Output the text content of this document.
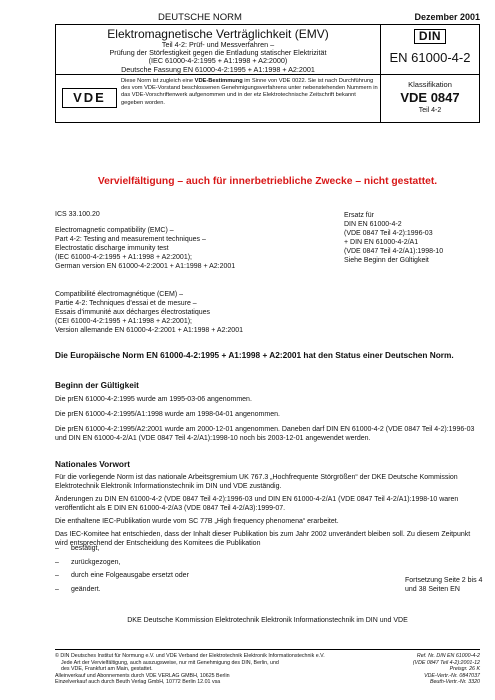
DEUTSCHE NORM	Dezember 2001
Elektromagnetische Verträglichkeit (EMV)
Teil 4-2: Prüf- und Messverfahren –
Prüfung der Störfestigkeit gegen die Entladung statischer Elektrizität
(IEC 61000-4-2:1995 + A1:1998 + A2:2000)
Deutsche Fassung EN 61000-4-2:1995 + A1:1998 + A2:2001
DIN
EN 61000-4-2
VDE
Diese Norm ist zugleich eine VDE-Bestimmung im Sinne von VDE 0022. Sie ist nach Durchführung des vom VDE-Vorstand beschlossenen Genehmigungsverfahrens unter nebenstehenden Nummern in das VDE-Vorschriftenwerk aufgenommen und in der etz Elektrotechnische Zeitschrift bekannt gegeben worden.
Klassifikation
VDE 0847
Teil 4-2
Vervielfältigung – auch für innerbetriebliche Zwecke – nicht gestattet.
ICS 33.100.20
Electromagnetic compatibility (EMC) –
Part 4-2: Testing and measurement techniques –
Electrostatic discharge immunity test
(IEC 61000-4-2:1995 + A1:1998 + A2:2001);
German version EN 61000-4-2:2001 + A1:1998 + A2:2001
Compatibilité électromagnétique (CEM) –
Partie 4-2: Techniques d'essai et de mesure –
Essais d'immunité aux décharges électrostatiques
(CEI 61000-4-2:1995 + A1:1998 + A2:2001);
Version allemande EN 61000-4-2:2001 + A1:1998 + A2:2001
Ersatz für
DIN EN 61000-4-2
(VDE 0847 Teil 4-2):1996-03
+ DIN EN 61000-4-2/A1
(VDE 0847 Teil 4-2/A1):1998-10
Siehe Beginn der Gültigkeit
Die Europäische Norm EN 61000-4-2:1995 + A1:1998 + A2:2001 hat den Status einer Deutschen Norm.
Beginn der Gültigkeit

Die prEN 61000-4-2:1995 wurde am 1995-03-06 angenommen.

Die prEN 61000-4-2:1995/A1:1998 wurde am 1998-04-01 angenommen.

Die prEN 61000-4-2:1995/A2:2001 wurde am 2000-12-01 angenommen. Daneben darf DIN EN 61000-4-2 (VDE 0847 Teil 4-2):1996-03 und DIN EN 61000-4-2/A1 (VDE 0847 Teil 4-2/A1):1998-10 noch bis 2003-12-01 angewendet werden.

Nationales Vorwort

Für die vorliegende Norm ist das nationale Arbeitsgremium UK 767.3 „Hochfrequente Störgrößen“ der DKE Deutsche Kommission Elektrotechnik Elektronik Informationstechnik im DIN und VDE zuständig.

Änderungen zu DIN EN 61000-4-2 (VDE 0847 Teil 4-2):1996-03 und DIN EN 61000-4-2/A1 (VDE 0847 Teil 4-2/A1):1998-10 waren veröffentlicht als E DIN EN 61000-4-2/A3 (VDE 0847 Teil 4-2/A3):1999-07.

Die enthaltene IEC-Publikation wurde vom SC 77B „High frequency phenomena“ erarbeitet.

Das IEC-Komitee hat entschieden, dass der Inhalt dieser Publikation bis zum Jahr 2002 unverändert bleiben soll. Zu diesem Zeitpunkt wird entsprechend der Entscheidung des Komitees die Publikation

– bestätigt,
– zurückgezogen,
– durch eine Folgeausgabe ersetzt oder
– geändert.
Fortsetzung Seite 2 bis 4
und 38 Seiten EN
DKE Deutsche Kommission Elektrotechnik Elektronik Informationstechnik im DIN und VDE
© DIN Deutsches Institut für Normung e.V. und VDE Verband der Elektrotechnik Elektronik Informationstechnik e.V.
Jede Art der Vervielfältigung, auch auszugsweise, nur mit Genehmigung des DIN, Berlin, und
des VDE, Frankfurt am Main, gestattet.
Alleinverkauf und Abonnements durch VDE VERLAG GMBH, 10625 Berlin
Einzelverkauf auch durch Beuth Verlag GmbH, 10772 Berlin 12.01 vsa
Ref. Nr. DIN EN 61000-4-2
(VDE 0847 Teil 4-2):2001-12
Preisgr. 26 K
VDE-Vertr.-Nr. 0847037
Beuth-Vertr.-Nr. 3320
